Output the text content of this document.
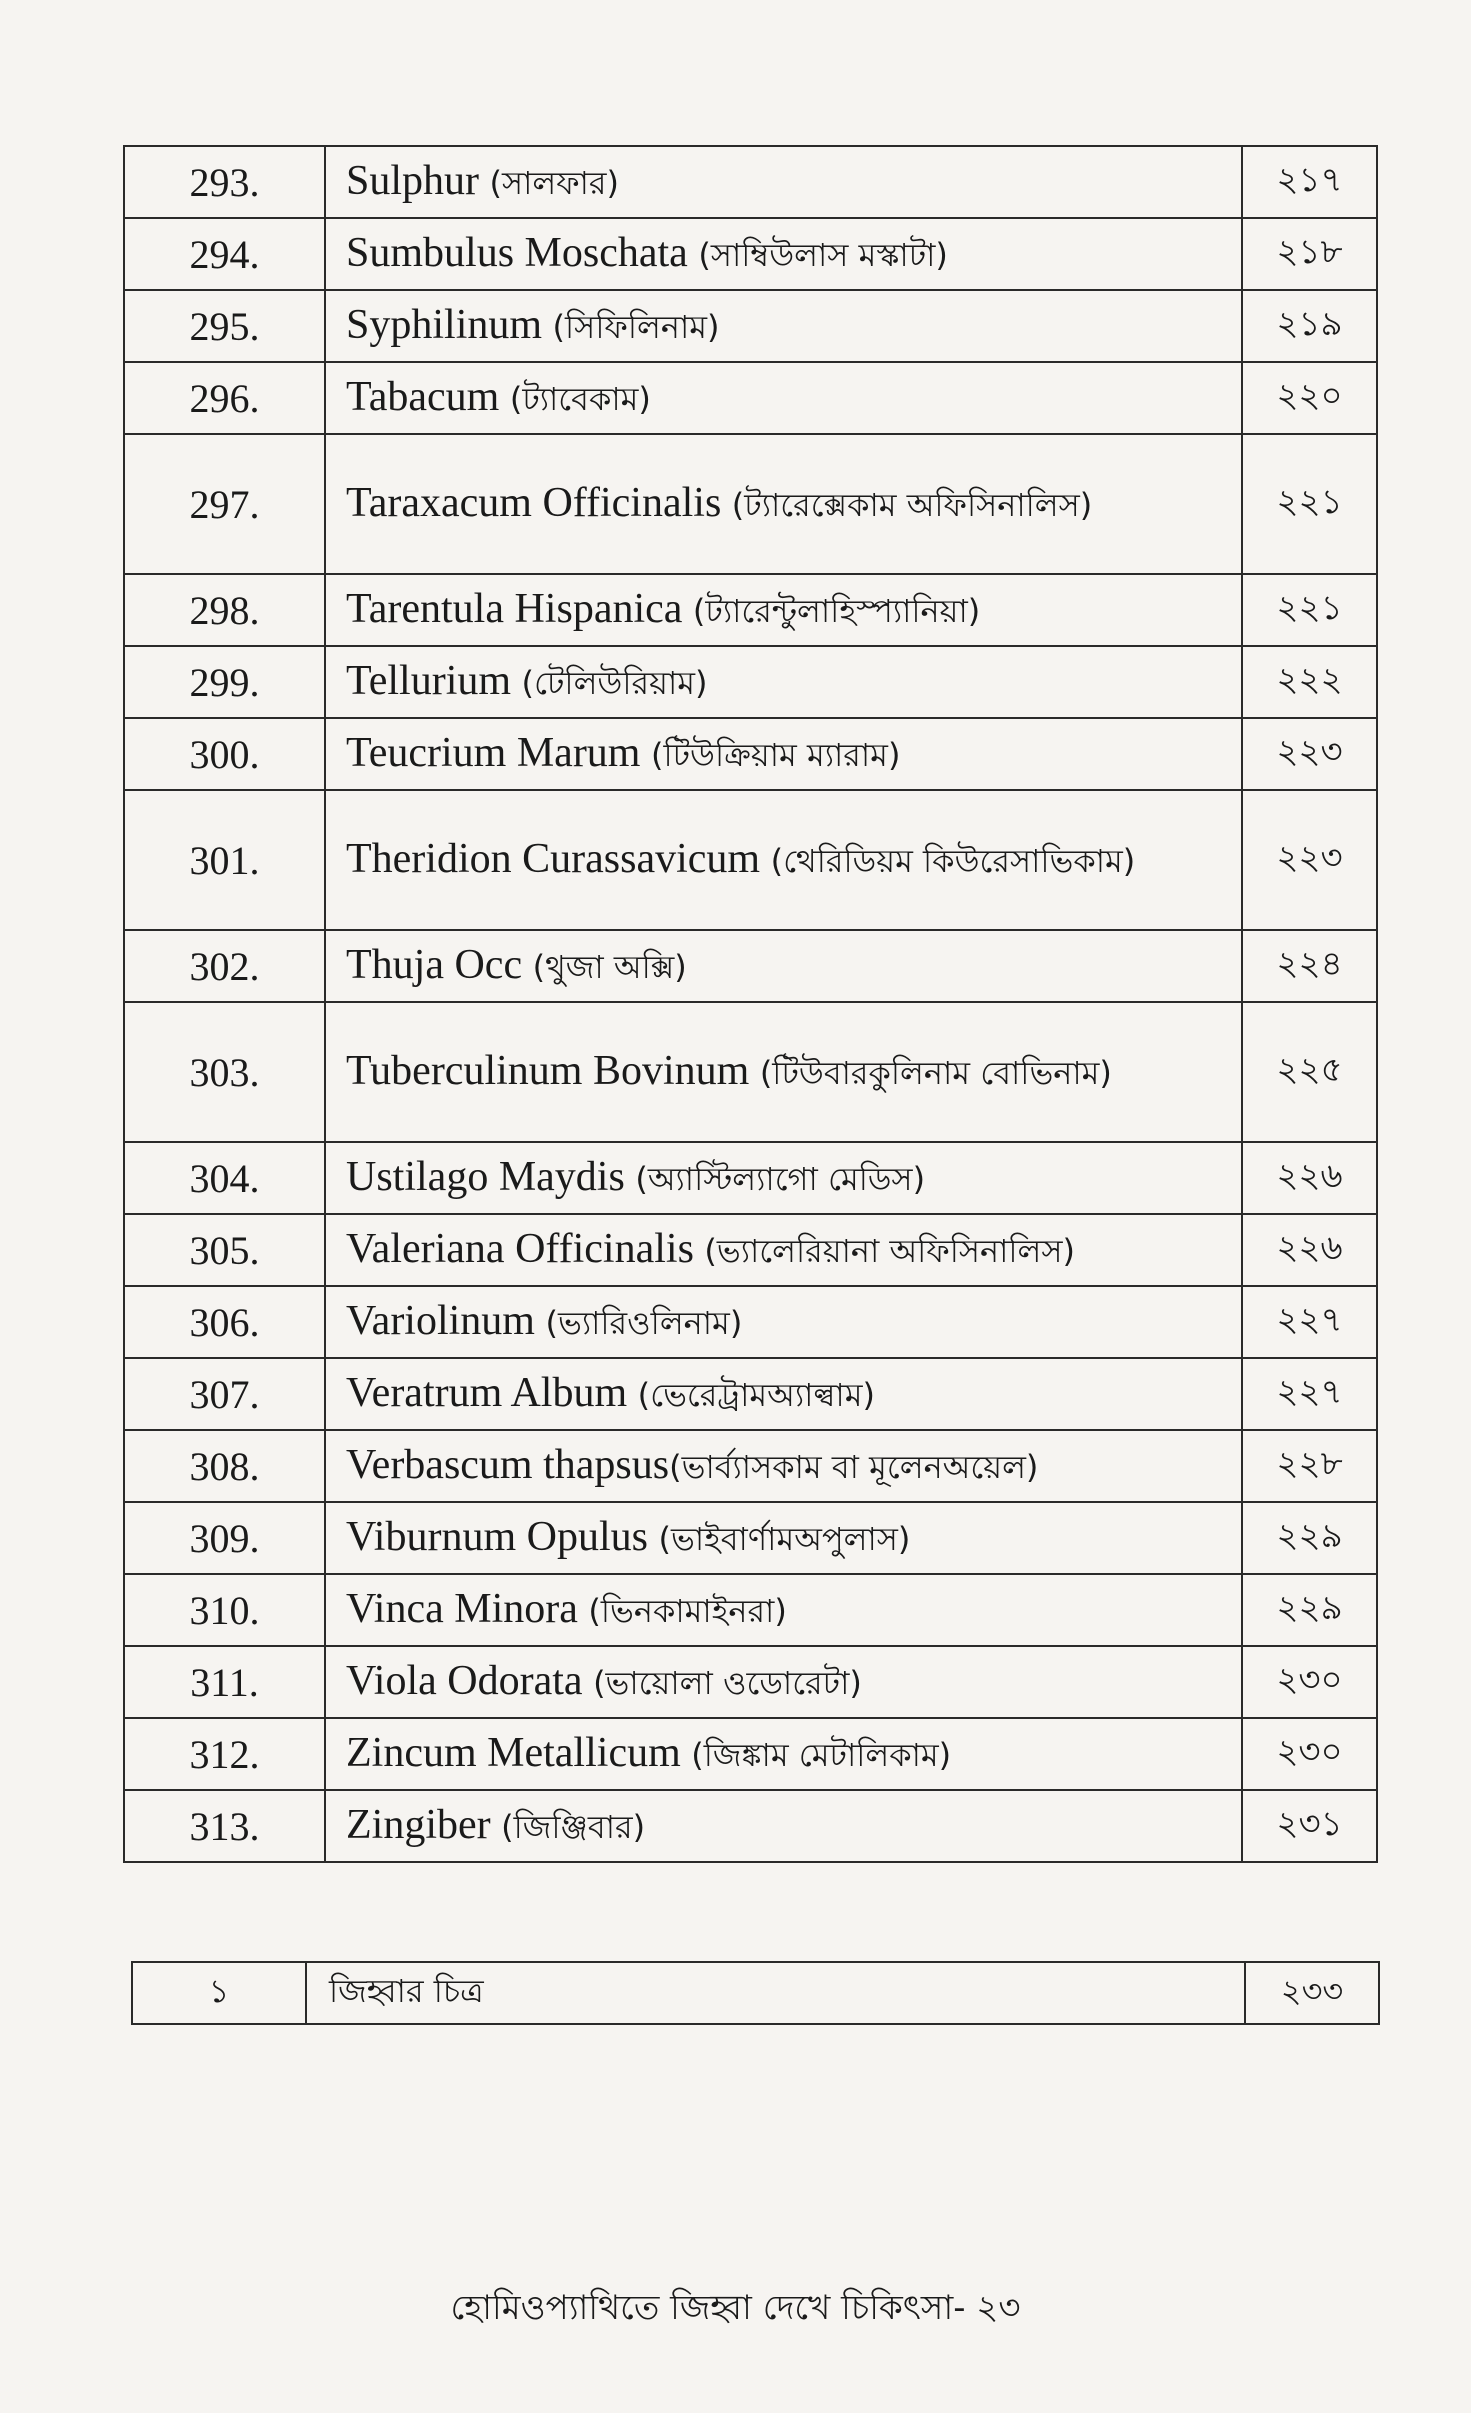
293.	Sulphur (সালফার)	২১৭
294.	Sumbulus Moschata (সাম্বিউলাস মস্কাটা)	২১৮
295.	Syphilinum (সিফিলিনাম)	২১৯
296.	Tabacum (ট্যাবেকাম)	২২০
297.	Taraxacum Officinalis (ট্যারেক্সেকাম অফিসিনালিস)	২২১
298.	Tarentula Hispanica (ট্যারেন্টুলাহিস্প্যানিয়া)	২২১
299.	Tellurium (টেলিউরিয়াম)	২২২
300.	Teucrium Marum (টিউক্রিয়াম ম্যারাম)	২২৩
301.	Theridion Curassavicum (থেরিডিয়ম কিউরেসাভিকাম)	২২৩
302.	Thuja Occ (থুজা অক্সি)	২২৪
303.	Tuberculinum Bovinum (টিউবারকুলিনাম বোভিনাম)	২২৫
304.	Ustilago Maydis (অ্যাস্টিল্যাগো মেডিস)	২২৬
305.	Valeriana Officinalis (ভ্যালেরিয়ানা অফিসিনালিস)	২২৬
306.	Variolinum (ভ্যারিওলিনাম)	২২৭
307.	Veratrum Album (ভেরেট্রামঅ্যাল্বাম)	২২৭
308.	Verbascum thapsus(ভার্ব্যাসকাম বা মূলেনঅয়েল)	২২৮
309.	Viburnum Opulus (ভাইবার্ণামঅপুলাস)	২২৯
310.	Vinca Minora (ভিনকামাইনরা)	২২৯
311.	Viola Odorata (ভায়োলা ওডোরেটা)	২৩০
312.	Zincum Metallicum (জিঙ্কাম মেটালিকাম)	২৩০
313.	Zingiber (জিঞ্জিবার)	২৩১
১	জিহ্বার চিত্র	২৩৩
হোমিওপ্যাথিতে জিহ্বা দেখে চিকিৎসা- ২৩
